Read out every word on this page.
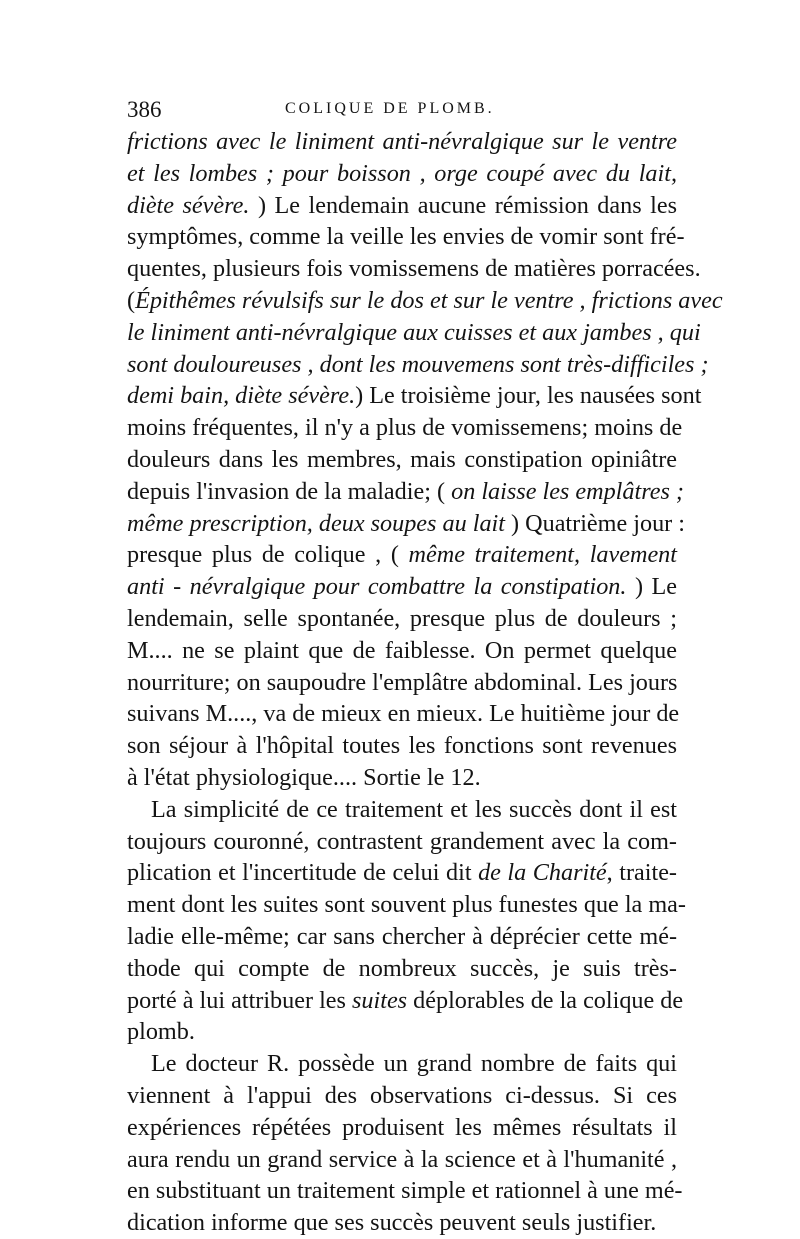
386	COLIQUE DE PLOMB.
frictions avec le liniment anti-névralgique sur le ventre
et les lombes ; pour boisson , orge coupé avec du lait,
diète sévère. ) Le lendemain aucune rémission dans les
symptômes, comme la veille les envies de vomir sont fré-
quentes, plusieurs fois vomissemens de matières porracées.
(Épithêmes révulsifs sur le dos et sur le ventre , frictions avec
le liniment anti-névralgique aux cuisses et aux jambes , qui
sont douloureuses , dont les mouvemens sont très-difficiles ;
demi bain, diète sévère.) Le troisième jour, les nausées sont
moins fréquentes, il n'y a plus de vomissemens; moins de
douleurs dans les membres, mais constipation opiniâtre
depuis l'invasion de la maladie; ( on laisse les emplâtres ;
même prescription, deux soupes au lait ) Quatrième jour :
presque plus de colique , ( même traitement, lavement
anti - névralgique pour combattre la constipation. ) Le
lendemain, selle spontanée, presque plus de douleurs ;
M.... ne se plaint que de faiblesse. On permet quelque
nourriture; on saupoudre l'emplâtre abdominal. Les jours
suivans M...., va de mieux en mieux. Le huitième jour de
son séjour à l'hôpital toutes les fonctions sont revenues
à l'état physiologique.... Sortie le 12.
La simplicité de ce traitement et les succès dont il est
toujours couronné, contrastent grandement avec la com-
plication et l'incertitude de celui dit de la Charité, traite-
ment dont les suites sont souvent plus funestes que la ma-
ladie elle-même; car sans chercher à déprécier cette mé-
thode qui compte de nombreux succès, je suis très-
porté à lui attribuer les suites déplorables de la colique de
plomb.
Le docteur R. possède un grand nombre de faits qui
viennent à l'appui des observations ci-dessus. Si ces
expériences répétées produisent les mêmes résultats il
aura rendu un grand service à la science et à l'humanité ,
en substituant un traitement simple et rationnel à une mé-
dication informe que ses succès peuvent seuls justifier.
